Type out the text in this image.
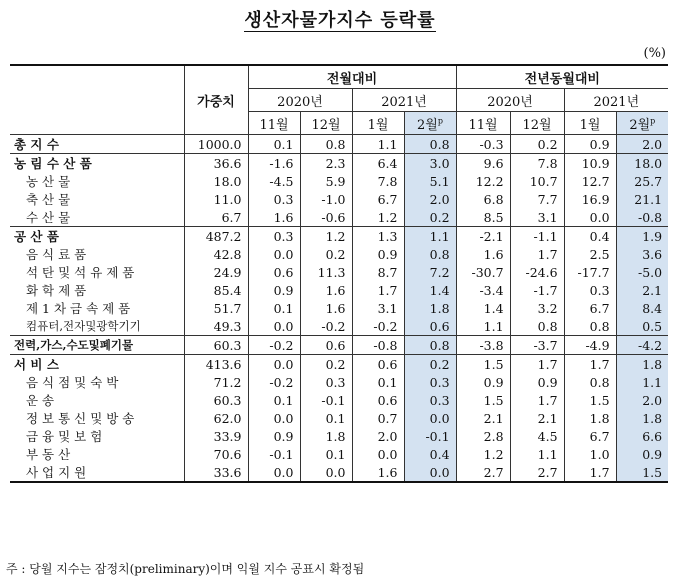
생산자물가지수 등락률
(%)
	가중치	전월대비				전년동월대비			
		2020년		2021년		2020년		2021년	
		11월	12월	1월	2월$^p$	11월	12월	1월	2월$^p$
총 지 수	1000.0	0.1	0.8	1.1	0.8	-0.3	0.2	0.9	2.0
농 림 수 산 품	36.6	-1.6	2.3	6.4	3.0	9.6	7.8	10.9	18.0
농 산 물	18.0	-4.5	5.9	7.8	5.1	12.2	10.7	12.7	25.7
축 산 물	11.0	0.3	-1.0	6.7	2.0	6.8	7.7	16.9	21.1
수 산 물	6.7	1.6	-0.6	1.2	0.2	8.5	3.1	0.0	-0.8
공 산 품	487.2	0.3	1.2	1.3	1.1	-2.1	-1.1	0.4	1.9
음 식 료 품	42.8	0.0	0.2	0.9	0.8	1.6	1.7	2.5	3.6
석 탄 및 석 유 제 품	24.9	0.6	11.3	8.7	7.2	-30.7	-24.6	-17.7	-5.0
화 학 제 품	85.4	0.9	1.6	1.7	1.4	-3.4	-1.7	0.3	2.1
제 1 차 금 속 제 품	51.7	0.1	1.6	3.1	1.8	1.4	3.2	6.7	8.4
컴퓨터,전자및광학기기	49.3	0.0	-0.2	-0.2	0.6	1.1	0.8	0.8	0.5
전력,가스,수도및폐기물	60.3	-0.2	0.6	-0.8	0.8	-3.8	-3.7	-4.9	-4.2
서 비 스	413.6	0.0	0.2	0.6	0.2	1.5	1.7	1.7	1.8
음 식 점 및 숙 박	71.2	-0.2	0.3	0.1	0.3	0.9	0.9	0.8	1.1
운 송	60.3	0.1	-0.1	0.6	0.3	1.5	1.7	1.5	2.0
정 보 통 신 및 방 송	62.0	0.0	0.1	0.7	0.0	2.1	2.1	1.8	1.8
금 융 및 보 험	33.9	0.9	1.8	2.0	-0.1	2.8	4.5	6.7	6.6
부 동 산	70.6	-0.1	0.1	0.0	0.4	1.2	1.1	1.0	0.9
사 업 지 원	33.6	0.0	0.0	1.6	0.0	2.7	2.7	1.7	1.5
주 : 당월 지수는 잠정치(preliminary)이며 익월 지수 공표시 확정됨
